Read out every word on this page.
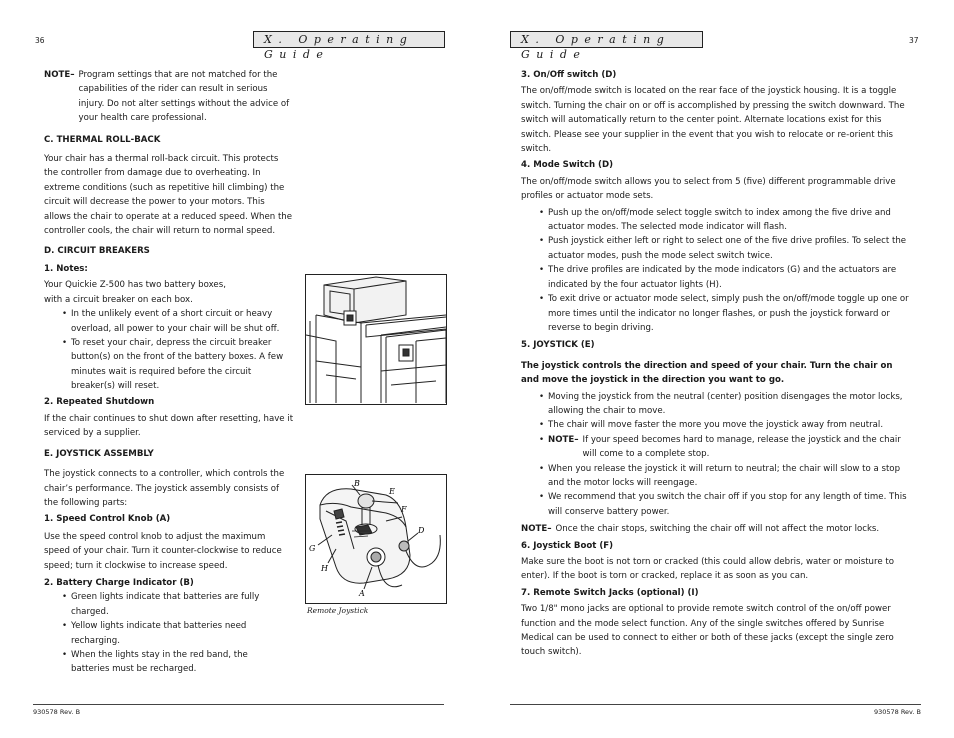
36	X. Operating Guide
NOTE– Program settings that are not matched for the capabilities of the rider can result in serious injury. Do not alter settings without the advice of your health care professional.

C. THERMAL ROLL-BACK

Your chair has a thermal roll-back circuit. This protects the controller from damage due to overheating. In extreme conditions (such as repetitive hill climbing) the circuit will decrease the power to your motors. This allows the chair to operate at a reduced speed. When the controller cools, the chair will return to normal speed.

D. CIRCUIT BREAKERS

1. Notes:

Your Quickie Z-500 has two battery boxes,

with a circuit breaker on each box.

• In the unlikely event of a short circuit or heavy overload, all power to your chair will be shut off.
• To reset your chair, depress the circuit breaker button(s) on the front of the battery boxes. A few minutes wait is required before the circuit breaker(s) will reset.

2. Repeated Shutdown

If the chair continues to shut down after resetting, have it serviced by a supplier.

E. JOYSTICK ASSEMBLY

The joystick connects to a controller, which controls the chair’s performance. The joystick assembly consists of the following parts:

1. Speed Control Knob (A)

Use the speed control knob to adjust the maximum speed of your chair. Turn it counter-clockwise to reduce speed; turn it clockwise to increase speed.

2. Battery Charge Indicator (B)

• Green lights indicate that batteries are fully charged.
• Yellow lights indicate that batteries need recharging.
• When the lights stay in the red band, the batteries must be recharged.
B
E
F
D
G
H
A
Remote Joystick
930578 Rev. B
X. Operating Guide
37

3. On/Off switch (D)

The on/off/mode switch is located on the rear face of the joystick housing. It is a toggle switch. Turning the chair on or off is accomplished by pressing the switch downward. The switch will automatically return to the center point. Alternate locations exist for this switch. Please see your supplier in the event that you wish to relocate or re-orient this switch.

4. Mode Switch (D)

The on/off/mode switch allows you to select from 5 (five) different programmable drive profiles or actuator mode sets.

• Push up the on/off/mode select toggle switch to index among the five drive and actuator modes. The selected mode indicator will flash.
• Push joystick either left or right to select one of the five drive profiles. To select the actuator modes, push the mode select switch twice.
• The drive profiles are indicated by the mode indicators (G) and the actuators are indicated by the four actuator lights (H).
• To exit drive or actuator mode select, simply push the on/off/mode toggle up one or more times until the indicator no longer flashes, or push the joystick forward or reverse to begin driving.

5. JOYSTICK (E)

The joystick controls the direction and speed of your chair. Turn the chair on and move the joystick in the direction you want to go.

• Moving the joystick from the neutral (center) position disengages the motor locks, allowing the chair to move.
• The chair will move faster the more you move the joystick away from neutral.
• NOTE– If your speed becomes hard to manage, release the joystick and the chair will come to a complete stop.
• When you release the joystick it will return to neutral; the chair will slow to a stop and the motor locks will reengage.
• We recommend that you switch the chair off if you stop for any length of time. This will conserve battery power.
NOTE– Once the chair stops, switching the chair off will not affect the motor locks.

6. Joystick Boot (F)

Make sure the boot is not torn or cracked (this could allow debris, water or moisture to enter). If the boot is torn or cracked, replace it as soon as you can.

7. Remote Switch Jacks (optional) (I)

Two 1/8" mono jacks are optional to provide remote switch control of the on/off power function and the mode select function. Any of the single switches offered by Sunrise Medical can be used to connect to either or both of these jacks (except the single zero touch switch).

930578 Rev. B
